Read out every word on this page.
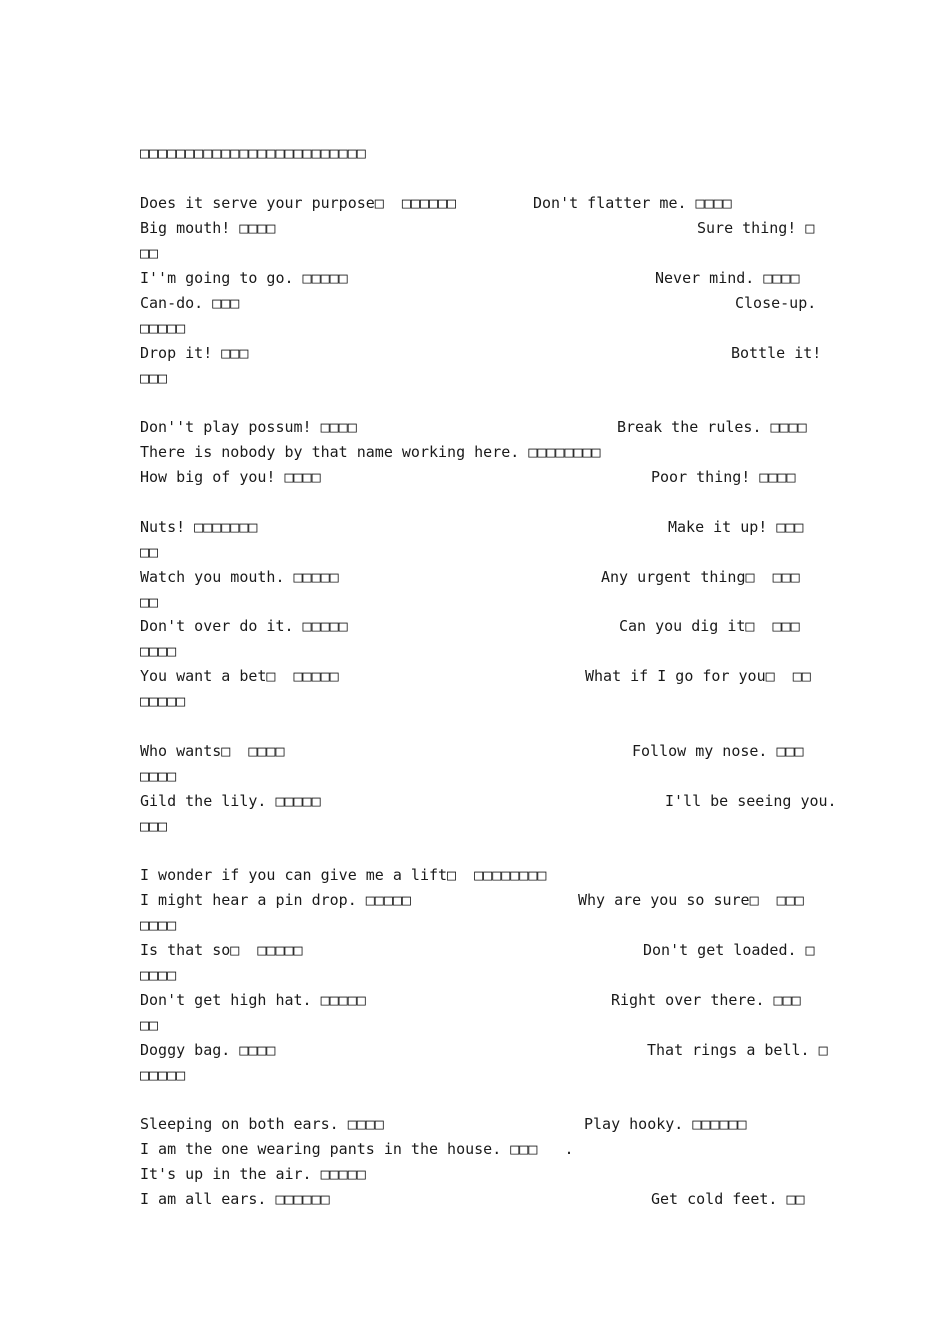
□□□□□□□□□□□□□□□□□□□□□□□□□
Does it serve your purpose□  □□□□□□	Don't flatter me. □□□□
Big mouth! □□□□	Sure thing! □
□□
I''m going to go. □□□□□	Never mind. □□□□
Can-do. □□□	Close-up.
□□□□□
Drop it! □□□	Bottle it!
□□□
Don''t play possum! □□□□	Break the rules. □□□□
There is nobody by that name working here. □□□□□□□□
How big of you! □□□□	Poor thing! □□□□
Nuts! □□□□□□□	Make it up! □□□
□□
Watch you mouth. □□□□□	Any urgent thing□  □□□
□□
Don't over do it. □□□□□	Can you dig it□  □□□
□□□□
You want a bet□  □□□□□	What if I go for you□  □□
□□□□□
Who wants□  □□□□	Follow my nose. □□□
□□□□
Gild the lily. □□□□□	I'll be seeing you.
□□□
I wonder if you can give me a lift□  □□□□□□□□
I might hear a pin drop. □□□□□	Why are you so sure□  □□□
□□□□
Is that so□  □□□□□	Don't get loaded. □
□□□□
Don't get high hat. □□□□□	Right over there. □□□
□□
Doggy bag. □□□□	That rings a bell. □
□□□□□
Sleeping on both ears. □□□□	Play hooky. □□□□□□
I am the one wearing pants in the house. □□□   .
It's up in the air. □□□□□
I am all ears. □□□□□□	Get cold feet. □□
